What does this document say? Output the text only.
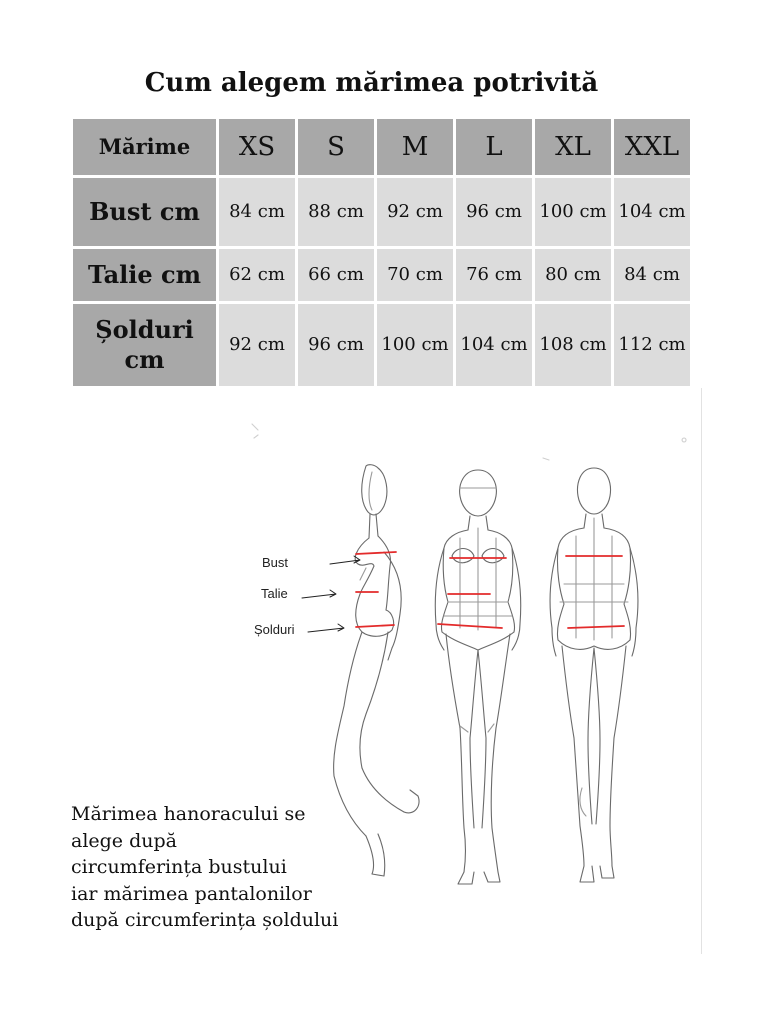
Cum alegem mărimea potrivită
Mărime	XS	S	M	L	XL	XXL
Bust cm	84 cm	88 cm	92 cm	96 cm	100 cm	104 cm
Talie cm	62 cm	66 cm	70 cm	76 cm	80 cm	84 cm
Șolduri cm	92 cm	96 cm	100 cm	104 cm	108 cm	112 cm
Bust
Talie
Șolduri
Mărimea hanoracului se
alege după
circumferința bustului
iar mărimea pantalonilor
după circumferința șoldului
